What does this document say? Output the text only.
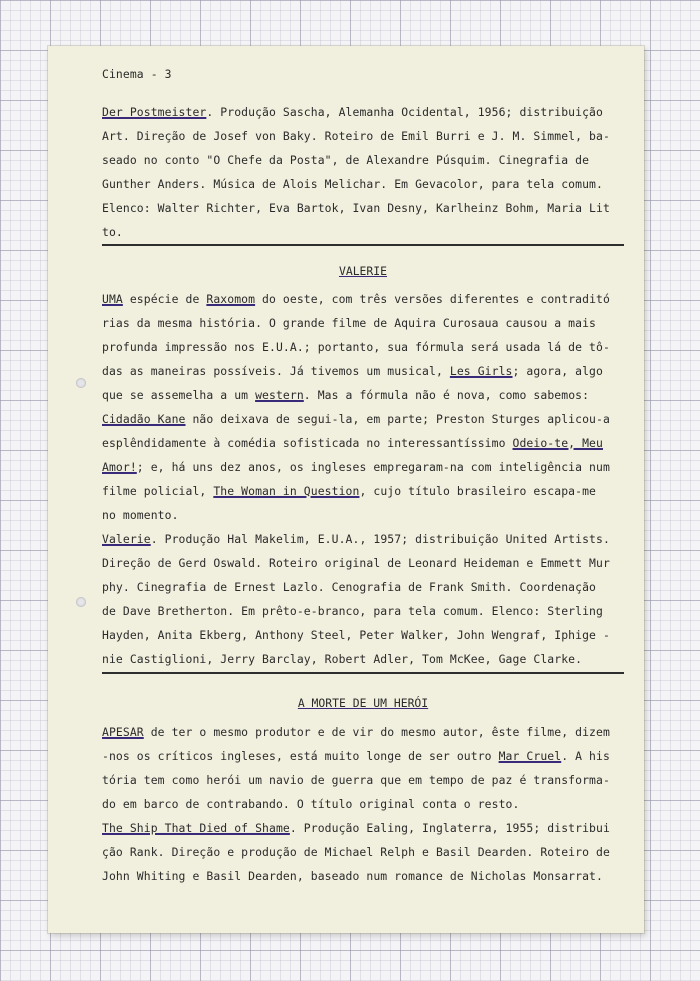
Cinema - 3
Der Postmeister. Produção Sascha, Alemanha Ocidental, 1956; distribuição
Art. Direção de Josef von Baky. Roteiro de Emil Burri e J. M. Simmel, ba-
seado no conto "O Chefe da Posta", de Alexandre Púsquim. Cinegrafia de
Gunther Anders. Música de Alois Melichar. Em Gevacolor, para tela comum.
Elenco: Walter Richter, Eva Bartok, Ivan Desny, Karlheinz Bohm, Maria Lit
to.
VALERIE
UMA espécie de Raxomom do oeste, com três versões diferentes e contraditó
rias da mesma história. O grande filme de Aquira Curosaua causou a mais
profunda impressão nos E.U.A.; portanto, sua fórmula será usada lá de tô-
das as maneiras possíveis. Já tivemos um musical, Les Girls; agora, algo
que se assemelha a um western. Mas a fórmula não é nova, como sabemos:
Cidadão Kane não deixava de segui-la, em parte; Preston Sturges aplicou-a
esplêndidamente à comédia sofisticada no interessantíssimo Odeio-te, Meu
Amor!; e, há uns dez anos, os ingleses empregaram-na com inteligência num
filme policial, The Woman in Question, cujo título brasileiro escapa-me
no momento.
Valerie. Produção Hal Makelim, E.U.A., 1957; distribuição United Artists.
Direção de Gerd Oswald. Roteiro original de Leonard Heideman e Emmett Mur
phy. Cinegrafia de Ernest Lazlo. Cenografia de Frank Smith. Coordenação
de Dave Bretherton. Em prêto-e-branco, para tela comum. Elenco: Sterling
Hayden, Anita Ekberg, Anthony Steel, Peter Walker, John Wengraf, Iphige -
nie Castiglioni, Jerry Barclay, Robert Adler, Tom McKee, Gage Clarke.
A MORTE DE UM HERÓI
APESAR de ter o mesmo produtor e de vir do mesmo autor, êste filme, dizem
-nos os críticos ingleses, está muito longe de ser outro Mar Cruel. A his
tória tem como herói um navio de guerra que em tempo de paz é transforma-
do em barco de contrabando. O título original conta o resto.
The Ship That Died of Shame. Produção Ealing, Inglaterra, 1955; distribui
ção Rank. Direção e produção de Michael Relph e Basil Dearden. Roteiro de
John Whiting e Basil Dearden, baseado num romance de Nicholas Monsarrat.
